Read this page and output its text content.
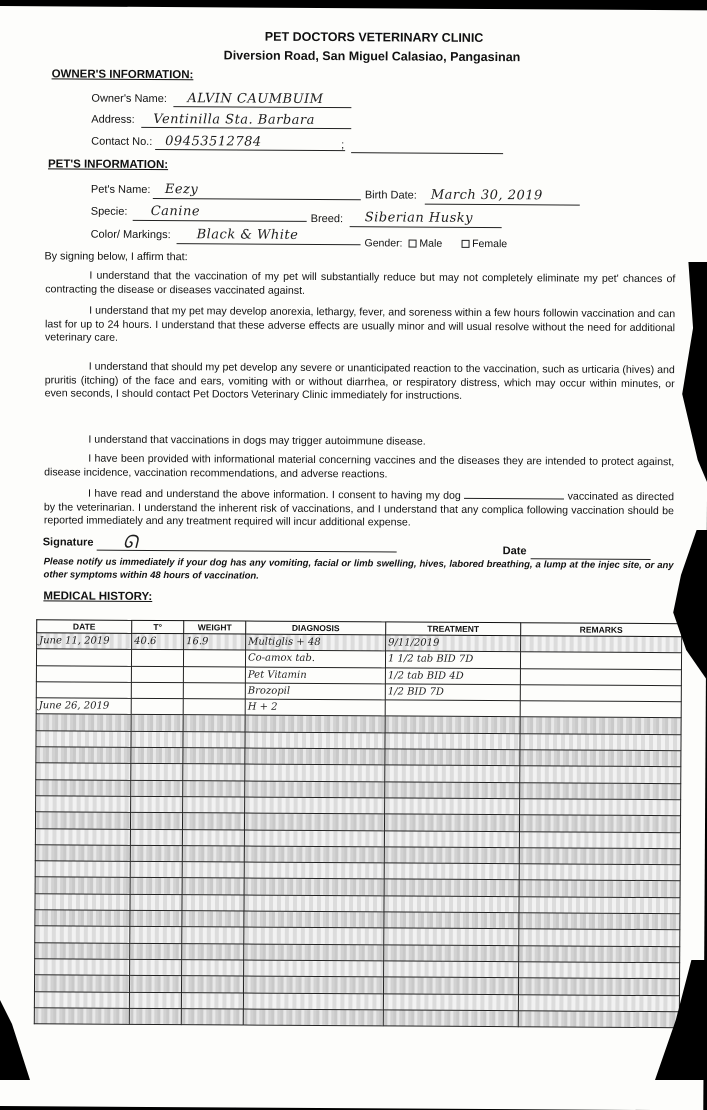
PET DOCTORS VETERINARY CLINIC
Diversion Road, San Miguel Calasiao, Pangasinan
OWNER'S INFORMATION:
Owner's Name: ALVIN CAUMBUIM
Address: Ventinilla Sta. Barbara
Contact No.: 09453512784	;
PET'S INFORMATION:
Pet's Name: Eezy	Birth Date: March 30, 2019
Specie: Canine	Breed: Siberian Husky
Color/ Markings: Black & White
Gender: Male	Female
By signing below, I affirm that:
I understand that the vaccination of my pet will substantially reduce but may not completely eliminate my pet' chances of contracting the disease or diseases vaccinated against.
I understand that my pet may develop anorexia, lethargy, fever, and soreness within a few hours followin vaccination and can last for up to 24 hours. I understand that these adverse effects are usually minor and will usual resolve without the need for additional veterinary care.
I understand that should my pet develop any severe or unanticipated reaction to the vaccination, such as urticaria (hives) and pruritis (itching) of the face and ears, vomiting with or without diarrhea, or respiratory distress, which may occur within minutes, or even seconds, I should contact Pet Doctors Veterinary Clinic immediately for instructions.
I understand that vaccinations in dogs may trigger autoimmune disease.
I have been provided with informational material concerning vaccines and the diseases they are intended to protect against, disease incidence, vaccination recommendations, and adverse reactions.
I have read and understand the above information. I consent to having my dog	vaccinated as directed by the veterinarian. I understand the inherent risk of vaccinations, and I understand that any complica following vaccination should be reported immediately and any treatment required will incur additional expense.
Signature ᘏ	Date
Please notify us immediately if your dog has any vomiting, facial or limb swelling, hives, labored breathing, a lump at the injec site, or any other symptoms within 48 hours of vaccination.
MEDICAL HISTORY:
DATE	T°	WEIGHT	DIAGNOSIS	TREATMENT	REMARKS
June 11, 2019	40.6	16.9	Multiglis + 48	9/11/2019	
			Co-amox tab.	1 1/2 tab BID 7D	
			Pet Vitamin	1/2 tab BID 4D	
			Brozopil	1/2 BID 7D	
June 26, 2019			H + 2		
